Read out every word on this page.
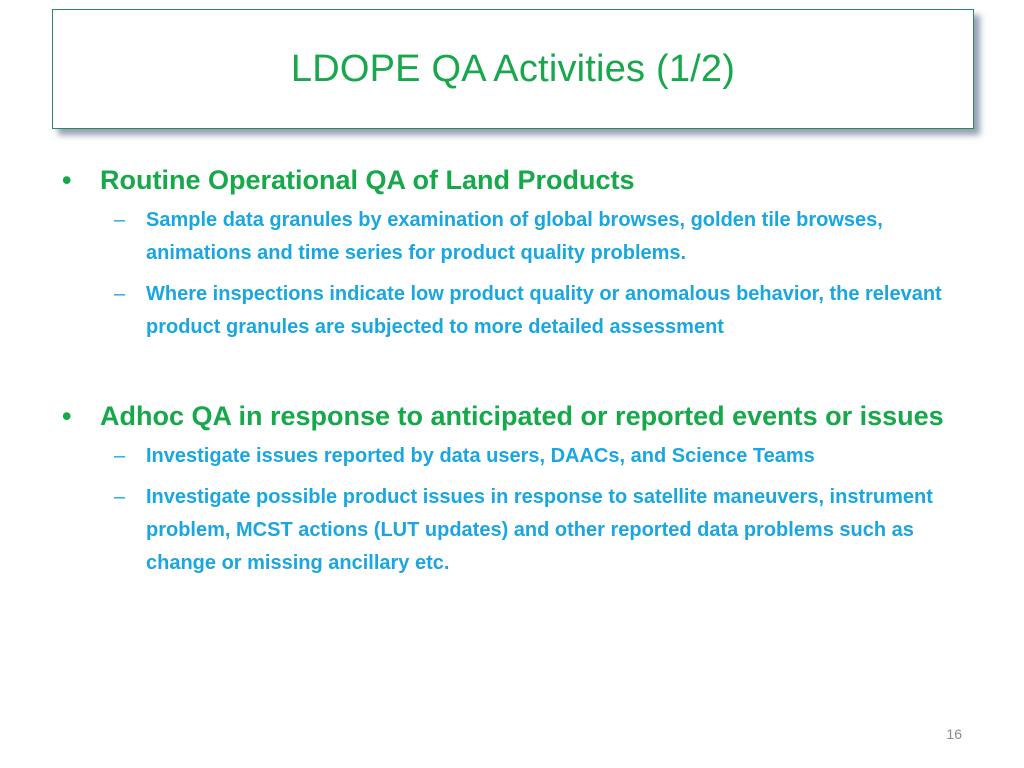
LDOPE QA Activities (1/2)
• Routine Operational QA of Land Products
– Sample data granules by examination of global browses, golden tile browses, animations and time series for product quality problems.
– Where inspections indicate low product quality or anomalous behavior, the relevant product granules are subjected to more detailed assessment
• Adhoc QA in response to anticipated or reported events or issues
– Investigate issues reported by data users, DAACs, and Science Teams
– Investigate possible product issues in response to satellite maneuvers, instrument problem, MCST actions (LUT updates) and other reported data problems such as change or missing ancillary etc.
16
